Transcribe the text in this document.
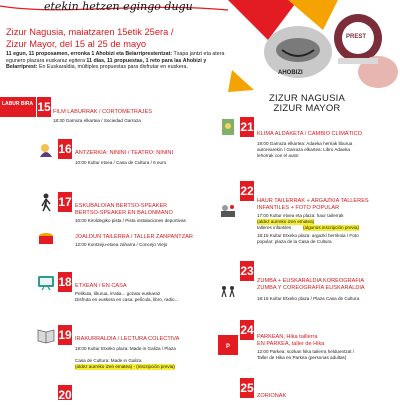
etekin hetzen egingo dugu
AHOBIZI
PREST
Zizur Nagusia, maiatzaren 15etik 25era /
Zizur Mayor, del 15 al 25 de mayo
11 egun, 11 proposamen, erronka 1 Ahobizi eta Belarriprestentzat: Txapa jantzi eta atera egunero plazara euskaraz egitera 11 días, 11 propuestas, 1 reto para las Ahobizi y Belarriprest: En Euskaraldia, múltiples propuestas para disfrutar en euskera.
ZIZUR NAGUSIA
ZIZUR MAYOR
LABUR BIRA 15 FILM LABURRAK / CORTOMETRAJES
18:30 Garraza elkartea / Sociedad Garraza
16 ANTZERKIA: NININI / TEATRO: NININI
10:00 Kultur etxea / Casa de Cultura / 6 euro
17 ESKUBALOIAN BERTSO-SPEAKER
BERTSO-SPEAKER EN BALONMANO
10:00 Kiroldegiko pista / Pista instalaciones deportivas
JOALDUN TAILERRA / TALLER ZANPANTZAR
12:00 Kontzeju-etxea zaharra / Concejo Viejo
18 ETXEAN / EN CASA
Pelikula, liburua, irratia... gozatu euskaraz
Disfruta en euskera en casa: película, libro, radio...
19 IRAKURRALDIA / LECTURA COLECTIVA
19:00 Kultur Etxeko plaza: Made in Galiza / Plaza
Casa de Cultura: Made in Galiza
(aldez aurreko izen ematea) - (inscripción previa)
20
21 KLIMA ALDAKETA / CAMBIO CLIMÁTICO
19:00 Garraza elkartea: Adaeka herriak liburua
autorearekin / Garraza elkartea: Libro Adaeka
lehorrak con el autor
22
HAUR TAILERRAK + ARGAZKIA TALLERES
INFANTILES + FOTO POPULAR
17:00 Kultur etxea eta plaza: haur tailerrak
(aldez aurreko izen ematea)
talleres infantiles	(algunos inscripción previa)
18:15 Kultur Etxeko plaza: argazki herrikoia / Foto
popular: plaza de la Casa de Cultura
23
ZUMBA + EUSKARALDIA KOREOGRAFIA
ZUMBA Y COREOGRAFÍA EUSKARALDIA
18:15 Kultur Etxeko plaza / Plaza Casa de Cultura
P
24 PARKEAN, Hika taillerra
EN PARKEA, taller de Hika
12:00 Parkea: sozkan hika tailerra helduentzat /
Taller de Hika en Parkea (personas adultas)
25
ZORIONAK
